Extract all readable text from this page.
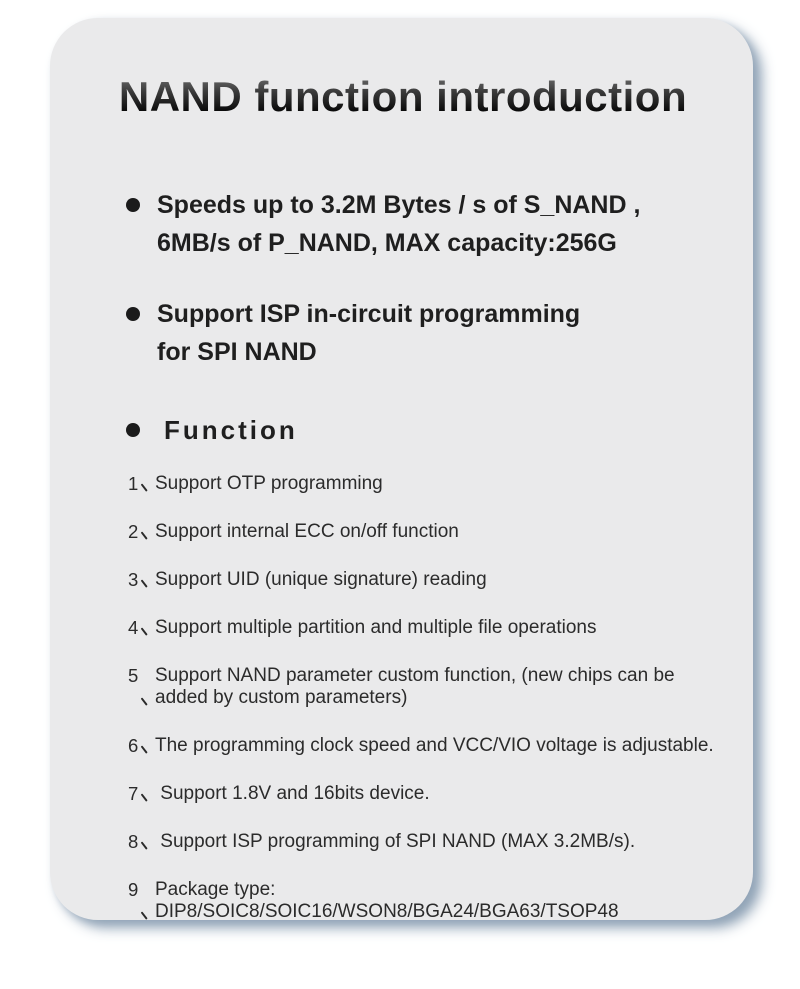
NAND function introduction
Speeds up to 3.2M Bytes / s of S_NAND ,
6MB/s of P_NAND, MAX capacity:256G
Support ISP in-circuit programming
for SPI NAND
Function
1 Support OTP programming
2 Support internal ECC on/off function
3 Support UID (unique signature) reading
4 Support multiple partition and multiple file operations
5 Support NAND parameter custom function, (new chips can be
added by custom parameters)
6 The programming clock speed and VCC/VIO voltage is adjustable.
7 Support 1.8V and 16bits device.
8 Support ISP programming of SPI NAND (MAX 3.2MB/s).
9 Package type: DIP8/SOIC8/SOIC16/WSON8/BGA24/BGA63/TSOP48
